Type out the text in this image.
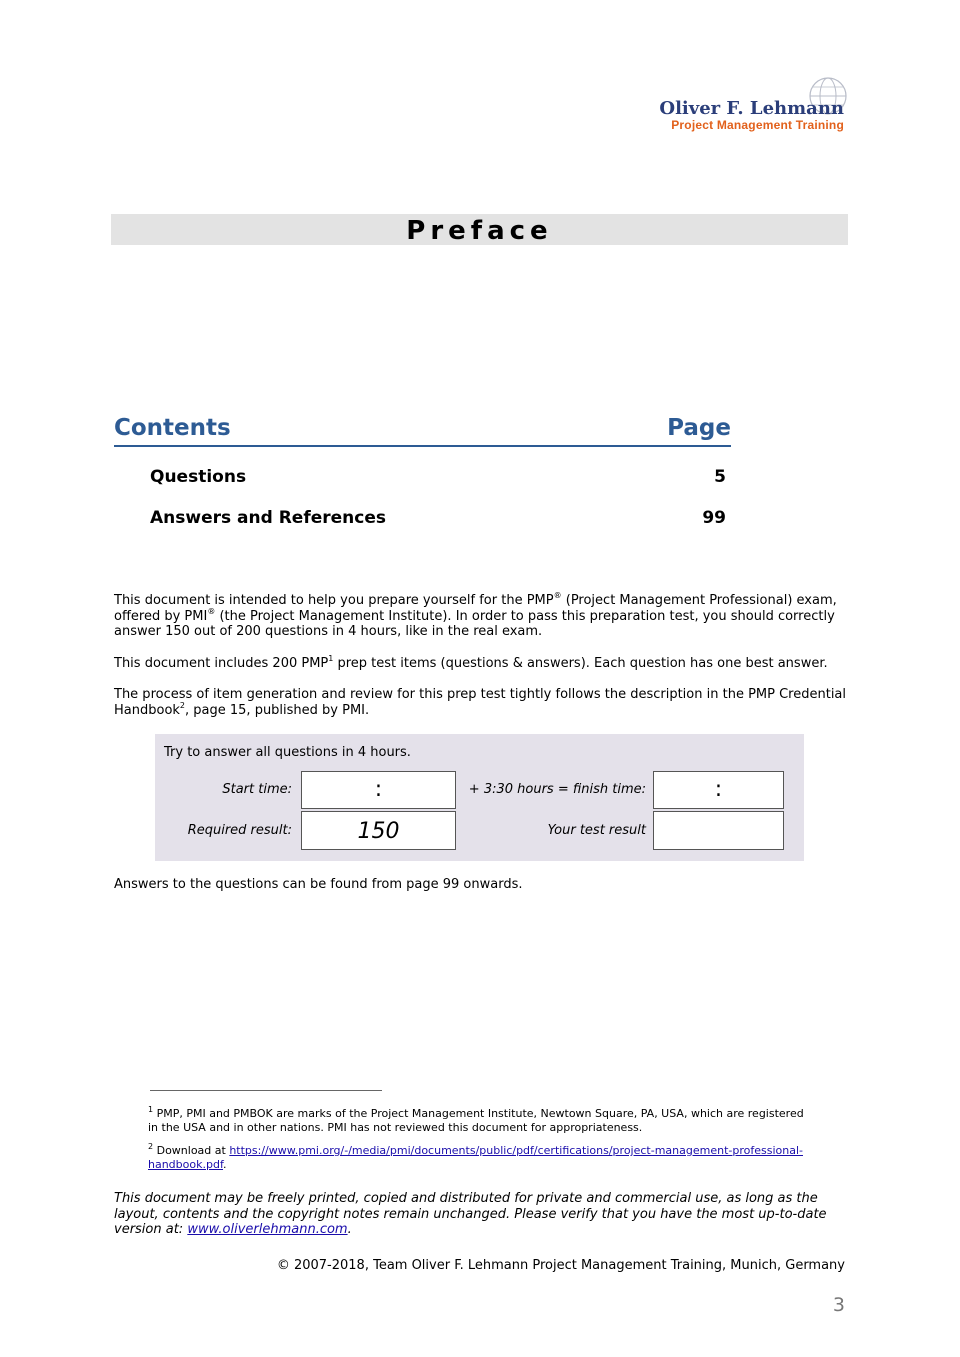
Oliver F. Lehmann
Project Management Training
Preface
Contents	Page
Questions	5
Answers and References	99
This document is intended to help you prepare yourself for the PMP® (Project Management Professional) exam, offered by PMI® (the Project Management Institute). In order to pass this preparation test, you should correctly answer 150 out of 200 questions in 4 hours, like in the real exam.
This document includes 200 PMP$^1$ prep test items (questions & answers). Each question has one best answer.
The process of item generation and review for this prep test tightly follows the description in the PMP Credential Handbook$^2$, page 15, published by PMI.
Try to answer all questions in 4 hours.
Start time:	:	+ 3:30 hours = finish time:	:
Required result:	150	Your test result
Answers to the questions can be found from page 99 onwards.
$^1$ PMP, PMI and PMBOK are marks of the Project Management Institute, Newtown Square, PA, USA, which are registered in the USA and in other nations. PMI has not reviewed this document for appropriateness.
$^2$ Download at https://www.pmi.org/-/media/pmi/documents/public/pdf/certifications/project-management-professional-handbook.pdf.
This document may be freely printed, copied and distributed for private and commercial use, as long as the layout, contents and the copyright notes remain unchanged. Please verify that you have the most up-to-date version at: www.oliverlehmann.com.
© 2007-2018, Team Oliver F. Lehmann Project Management Training, Munich, Germany
3
